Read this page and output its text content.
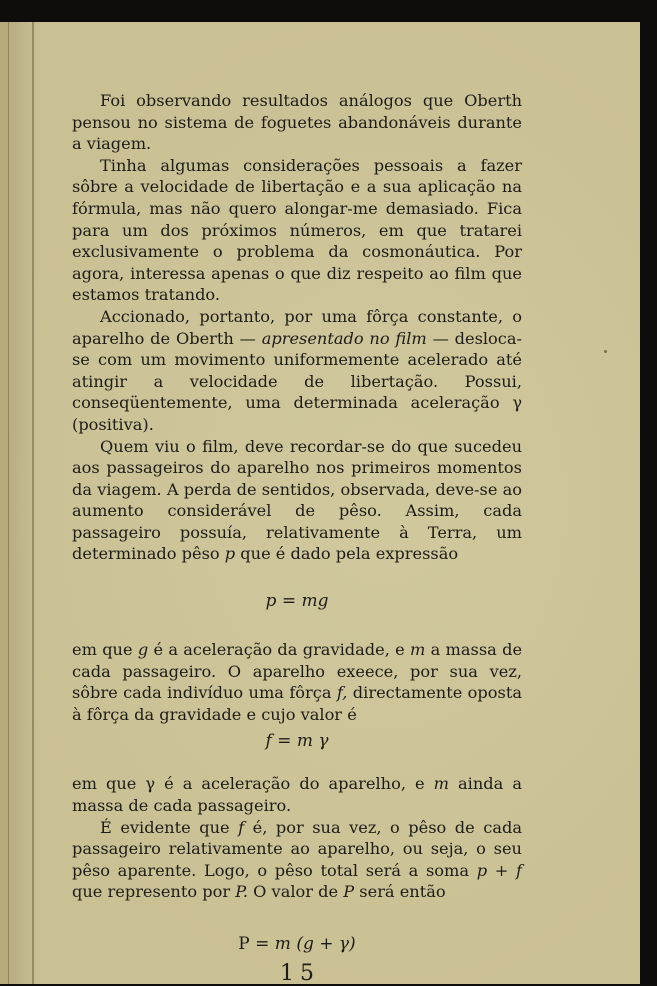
Foi observando resultados análogos que Oberth pensou no sistema de foguetes abandonáveis durante a viagem.

Tinha algumas considerações pessoais a fazer sôbre a velocidade de libertação e a sua aplicação na fórmula, mas não quero alongar-me demasiado. Fica para um dos próximos números, em que tratarei exclusivamente o problema da cosmonáutica. Por agora, interessa apenas o que diz respeito ao film que estamos tratando.

Accionado, portanto, por uma fôrça constante, o aparelho de Oberth — apresentado no film — desloca-se com um movimento uniformemente acelerado até atingir a velocidade de libertação. Possui, conseqüentemente, uma determinada aceleração γ (positiva).

Quem viu o film, deve recordar-se do que sucedeu aos passageiros do aparelho nos primeiros momentos da viagem. A perda de sentidos, observada, deve-se ao aumento considerável de pêso. Assim, cada passageiro possuía, relativamente à Terra, um determinado pêso p que é dado pela expressão

p = mg

em que g é a aceleração da gravidade, e m a massa de cada passageiro. O aparelho exeece, por sua vez, sôbre cada indivíduo uma fôrça f, directamente oposta à fôrça da gravidade e cujo valor é

f = m γ

em que γ é a aceleração do aparelho, e m ainda a massa de cada passageiro.

É evidente que f é, por sua vez, o pêso de cada passageiro relativamente ao aparelho, ou seja, o seu pêso aparente. Logo, o pêso total será a soma p + f que represento por P. O valor de P será então

P = m (g + γ)

15
